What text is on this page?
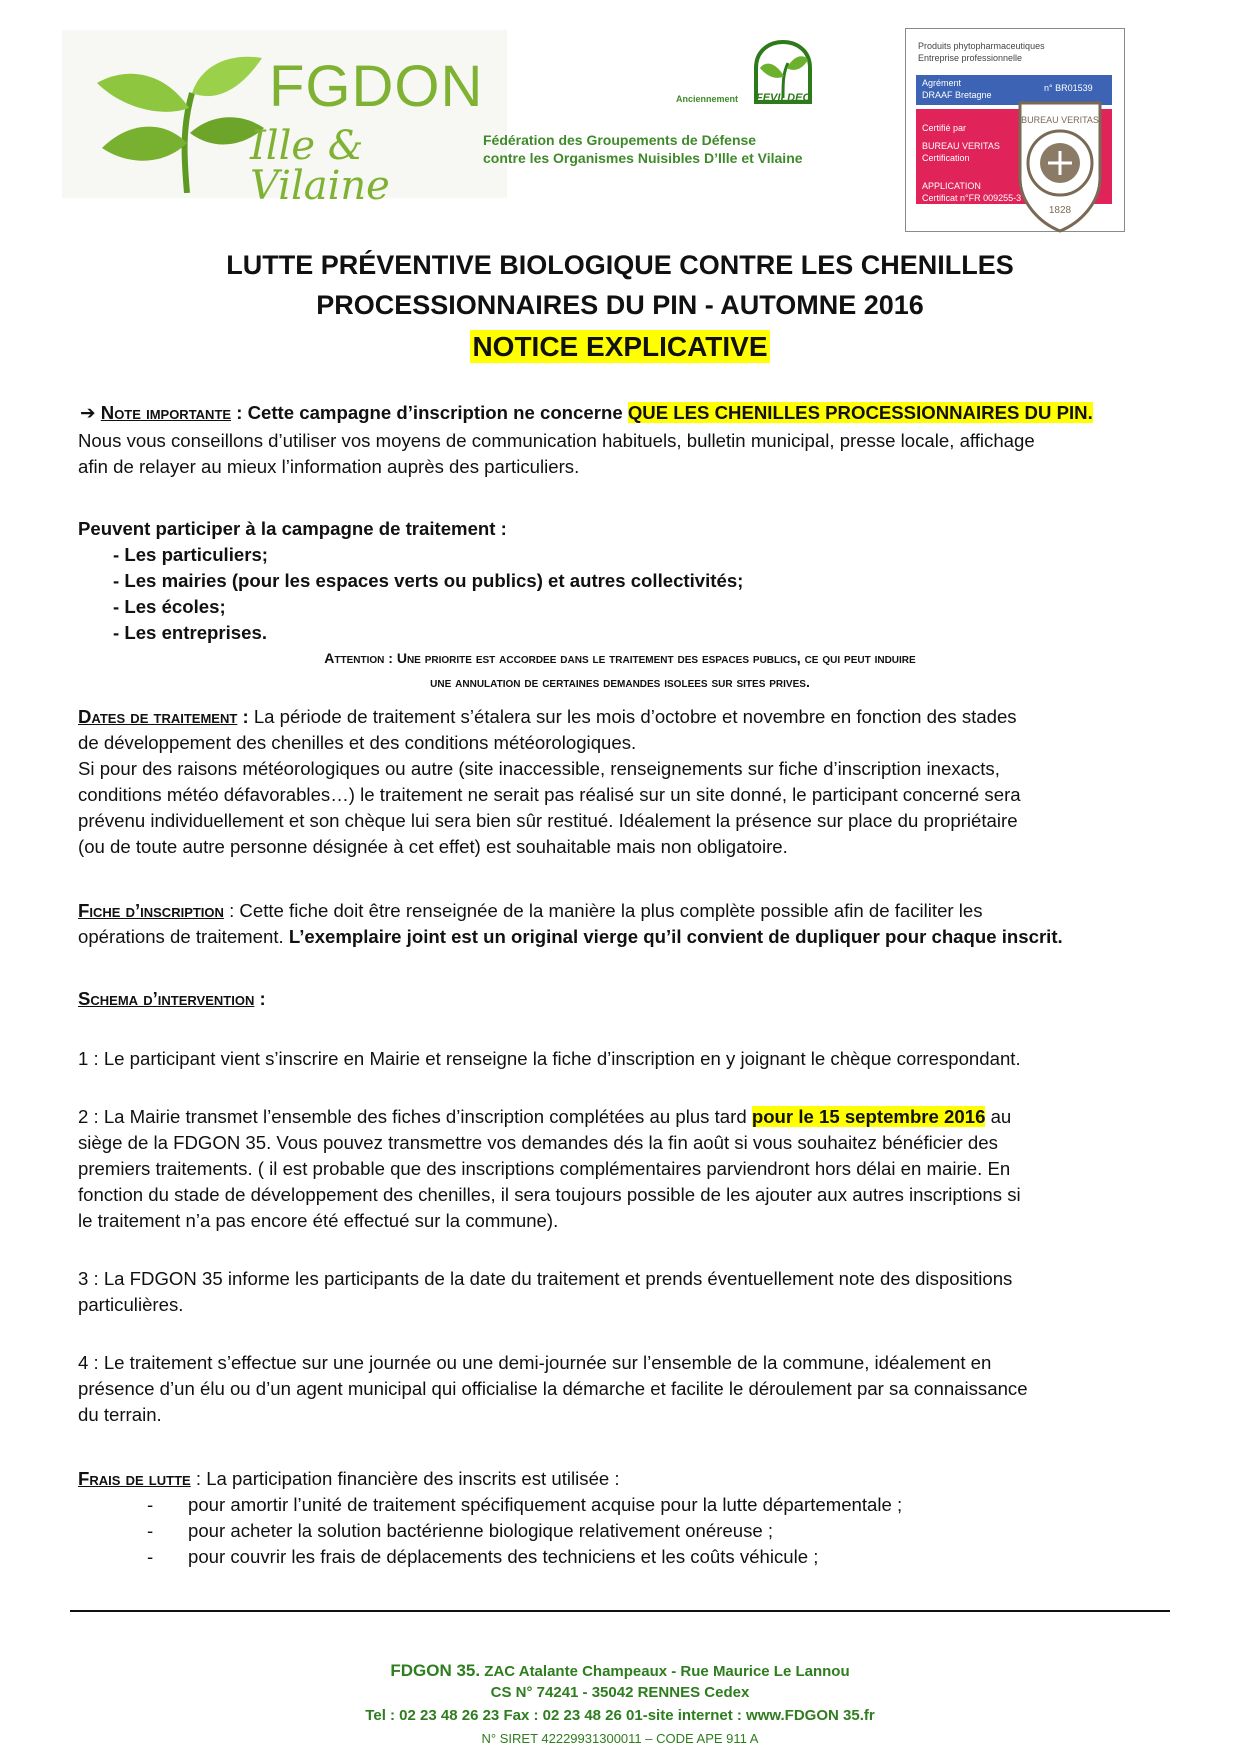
FGDON
Ille & Vilaine
Fédération des Groupements de Défense
contre les Organismes Nuisibles D’Ille et Vilaine
Anciennement FEVILDEC
Produits phytopharmaceutiques
Entreprise professionnelle
Agrément
DRAAF Bretagne
n° BR01539
Certifié par
BUREAU VERITAS
Certification
APPLICATION
Certificat n°FR 009255-3
BUREAU VERITAS
1828
LUTTE PRÉVENTIVE BIOLOGIQUE CONTRE LES CHENILLES
PROCESSIONNAIRES DU PIN - AUTOMNE 2016
NOTICE EXPLICATIVE
➔ Note importante : Cette campagne d’inscription ne concerne QUE LES CHENILLES PROCESSIONNAIRES DU PIN.
Nous vous conseillons d’utiliser vos moyens de communication habituels, bulletin municipal, presse locale, affichage
afin de relayer au mieux l’information auprès des particuliers.
Peuvent participer à la campagne de traitement :
- Les particuliers;
- Les mairies (pour les espaces verts ou publics) et autres collectivités;
- Les écoles;
- Les entreprises.
Attention : Une priorite est accordee dans le traitement des espaces publics, ce qui peut induire
une annulation de certaines demandes isolees sur sites prives.
Dates de traitement : La période de traitement s’étalera sur les mois d’octobre et novembre en fonction des stades
de développement des chenilles et des conditions météorologiques.
Si pour des raisons météorologiques ou autre (site inaccessible, renseignements sur fiche d’inscription inexacts,
conditions météo défavorables…) le traitement ne serait pas réalisé sur un site donné, le participant concerné sera
prévenu individuellement et son chèque lui sera bien sûr restitué. Idéalement la présence sur place du propriétaire
(ou de toute autre personne désignée à cet effet) est souhaitable mais non obligatoire.
Fiche d’inscription : Cette fiche doit être renseignée de la manière la plus complète possible afin de faciliter les
opérations de traitement. L’exemplaire joint est un original vierge qu’il convient de dupliquer pour chaque inscrit.
Schema d’intervention :
1 : Le participant vient s’inscrire en Mairie et renseigne la fiche d’inscription en y joignant le chèque correspondant.
2 : La Mairie transmet l’ensemble des fiches d’inscription complétées au plus tard pour le 15 septembre 2016 au
siège de la FDGON 35. Vous pouvez transmettre vos demandes dés la fin août si vous souhaitez bénéficier des
premiers traitements. ( il est probable que des inscriptions complémentaires parviendront hors délai en mairie. En
fonction du stade de développement des chenilles, il sera toujours possible de les ajouter aux autres inscriptions si
le traitement n’a pas encore été effectué sur la commune).
3 : La FDGON 35 informe les participants de la date du traitement et prends éventuellement note des dispositions
particulières.
4 : Le traitement s’effectue sur une journée ou une demi-journée sur l’ensemble de la commune, idéalement en
présence d’un élu ou d’un agent municipal qui officialise la démarche et facilite le déroulement par sa connaissance
du terrain.
Frais de lutte : La participation financière des inscrits est utilisée :
- pour amortir l’unité de traitement spécifiquement acquise pour la lutte départementale ;
- pour acheter la solution bactérienne biologique relativement onéreuse ;
- pour couvrir les frais de déplacements des techniciens et les coûts véhicule ;
FDGON 35. ZAC Atalante Champeaux - Rue Maurice Le Lannou
CS N° 74241 - 35042 RENNES Cedex
Tel : 02 23 48 26 23 Fax : 02 23 48 26 01-site internet : www.FDGON 35.fr
N° SIRET 42229931300011 – CODE APE 911 A
